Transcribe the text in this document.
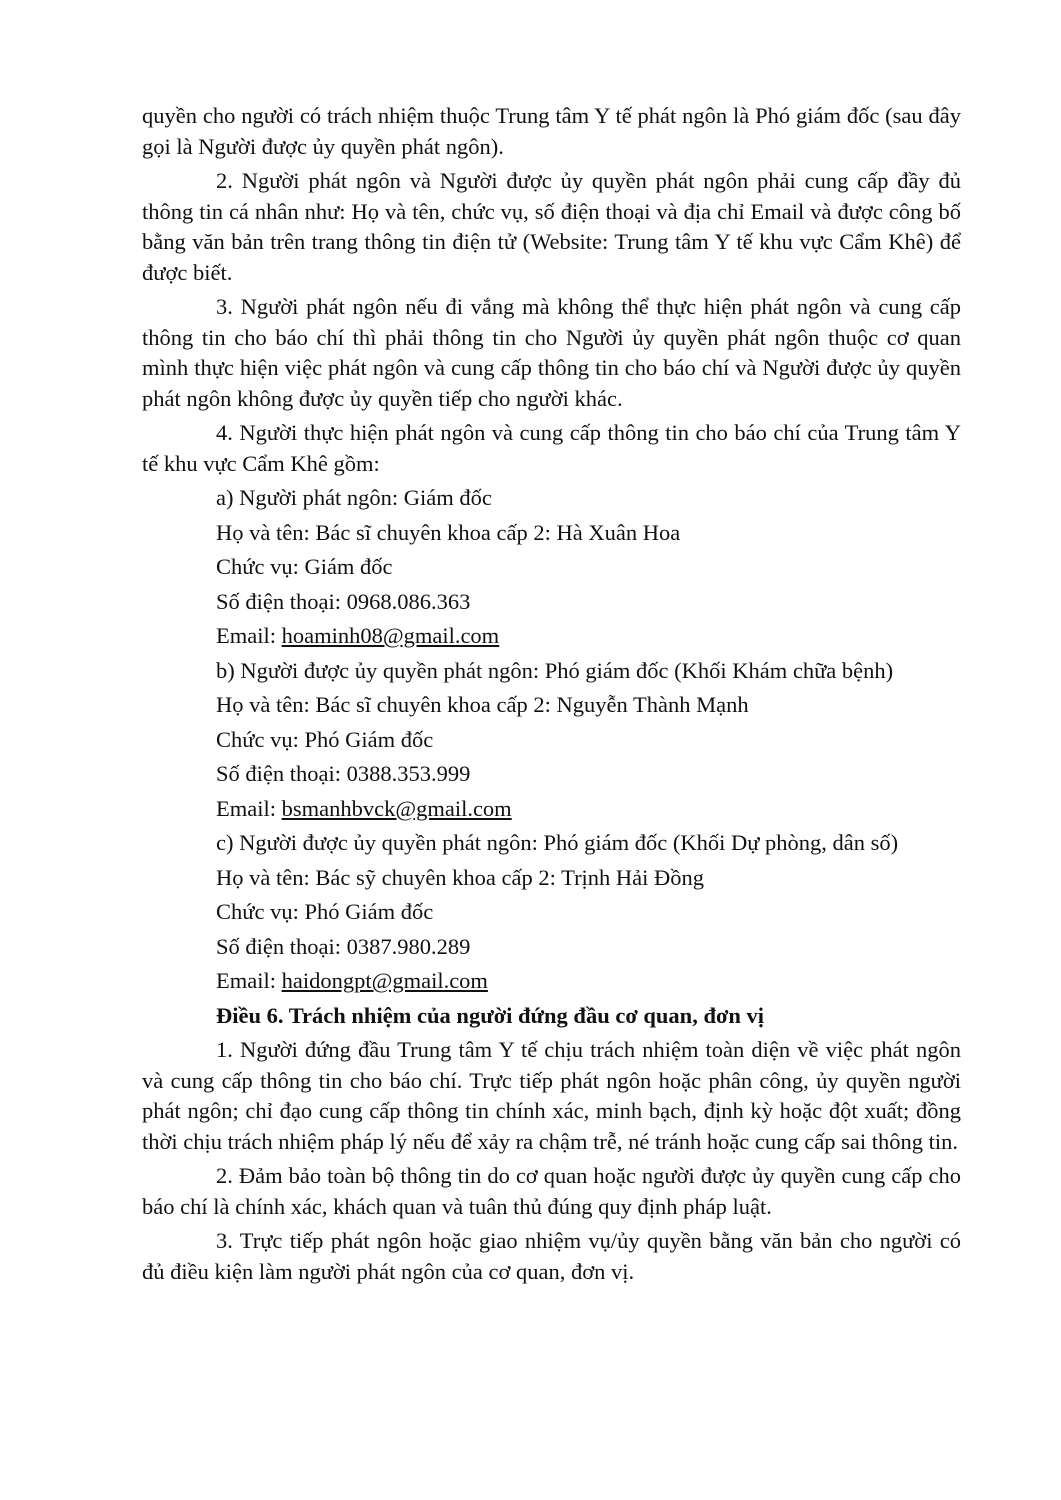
quyền cho người có trách nhiệm thuộc Trung tâm Y tế phát ngôn là Phó giám đốc (sau đây gọi là Người được ủy quyền phát ngôn).

2. Người phát ngôn và Người được ủy quyền phát ngôn phải cung cấp đầy đủ thông tin cá nhân như: Họ và tên, chức vụ, số điện thoại và địa chỉ Email và được công bố bằng văn bản trên trang thông tin điện tử (Website: Trung tâm Y tế khu vực Cẩm Khê) để được biết.

3. Người phát ngôn nếu đi vắng mà không thể thực hiện phát ngôn và cung cấp thông tin cho báo chí thì phải thông tin cho Người ủy quyền phát ngôn thuộc cơ quan mình thực hiện việc phát ngôn và cung cấp thông tin cho báo chí và Người được ủy quyền phát ngôn không được ủy quyền tiếp cho người khác.

4. Người thực hiện phát ngôn và cung cấp thông tin cho báo chí của Trung tâm Y tế khu vực Cẩm Khê gồm:

a) Người phát ngôn: Giám đốc
Họ và tên: Bác sĩ chuyên khoa cấp 2: Hà Xuân Hoa
Chức vụ: Giám đốc
Số điện thoại: 0968.086.363
Email: hoaminh08@gmail.com

b) Người được ủy quyền phát ngôn: Phó giám đốc (Khối Khám chữa bệnh)

Họ và tên: Bác sĩ chuyên khoa cấp 2: Nguyễn Thành Mạnh
Chức vụ: Phó Giám đốc
Số điện thoại: 0388.353.999
Email: bsmanhbvck@gmail.com

c) Người được ủy quyền phát ngôn: Phó giám đốc (Khối Dự phòng, dân số)

Họ và tên: Bác sỹ chuyên khoa cấp 2: Trịnh Hải Đồng
Chức vụ: Phó Giám đốc
Số điện thoại: 0387.980.289
Email: haidongpt@gmail.com
Điều 6. Trách nhiệm của người đứng đầu cơ quan, đơn vị

1. Người đứng đầu Trung tâm Y tế chịu trách nhiệm toàn diện về việc phát ngôn và cung cấp thông tin cho báo chí. Trực tiếp phát ngôn hoặc phân công, ủy quyền người phát ngôn; chỉ đạo cung cấp thông tin chính xác, minh bạch, định kỳ hoặc đột xuất; đồng thời chịu trách nhiệm pháp lý nếu để xảy ra chậm trễ, né tránh hoặc cung cấp sai thông tin.

2. Đảm bảo toàn bộ thông tin do cơ quan hoặc người được ủy quyền cung cấp cho báo chí là chính xác, khách quan và tuân thủ đúng quy định pháp luật.

3. Trực tiếp phát ngôn hoặc giao nhiệm vụ/ủy quyền bằng văn bản cho người có đủ điều kiện làm người phát ngôn của cơ quan, đơn vị.
